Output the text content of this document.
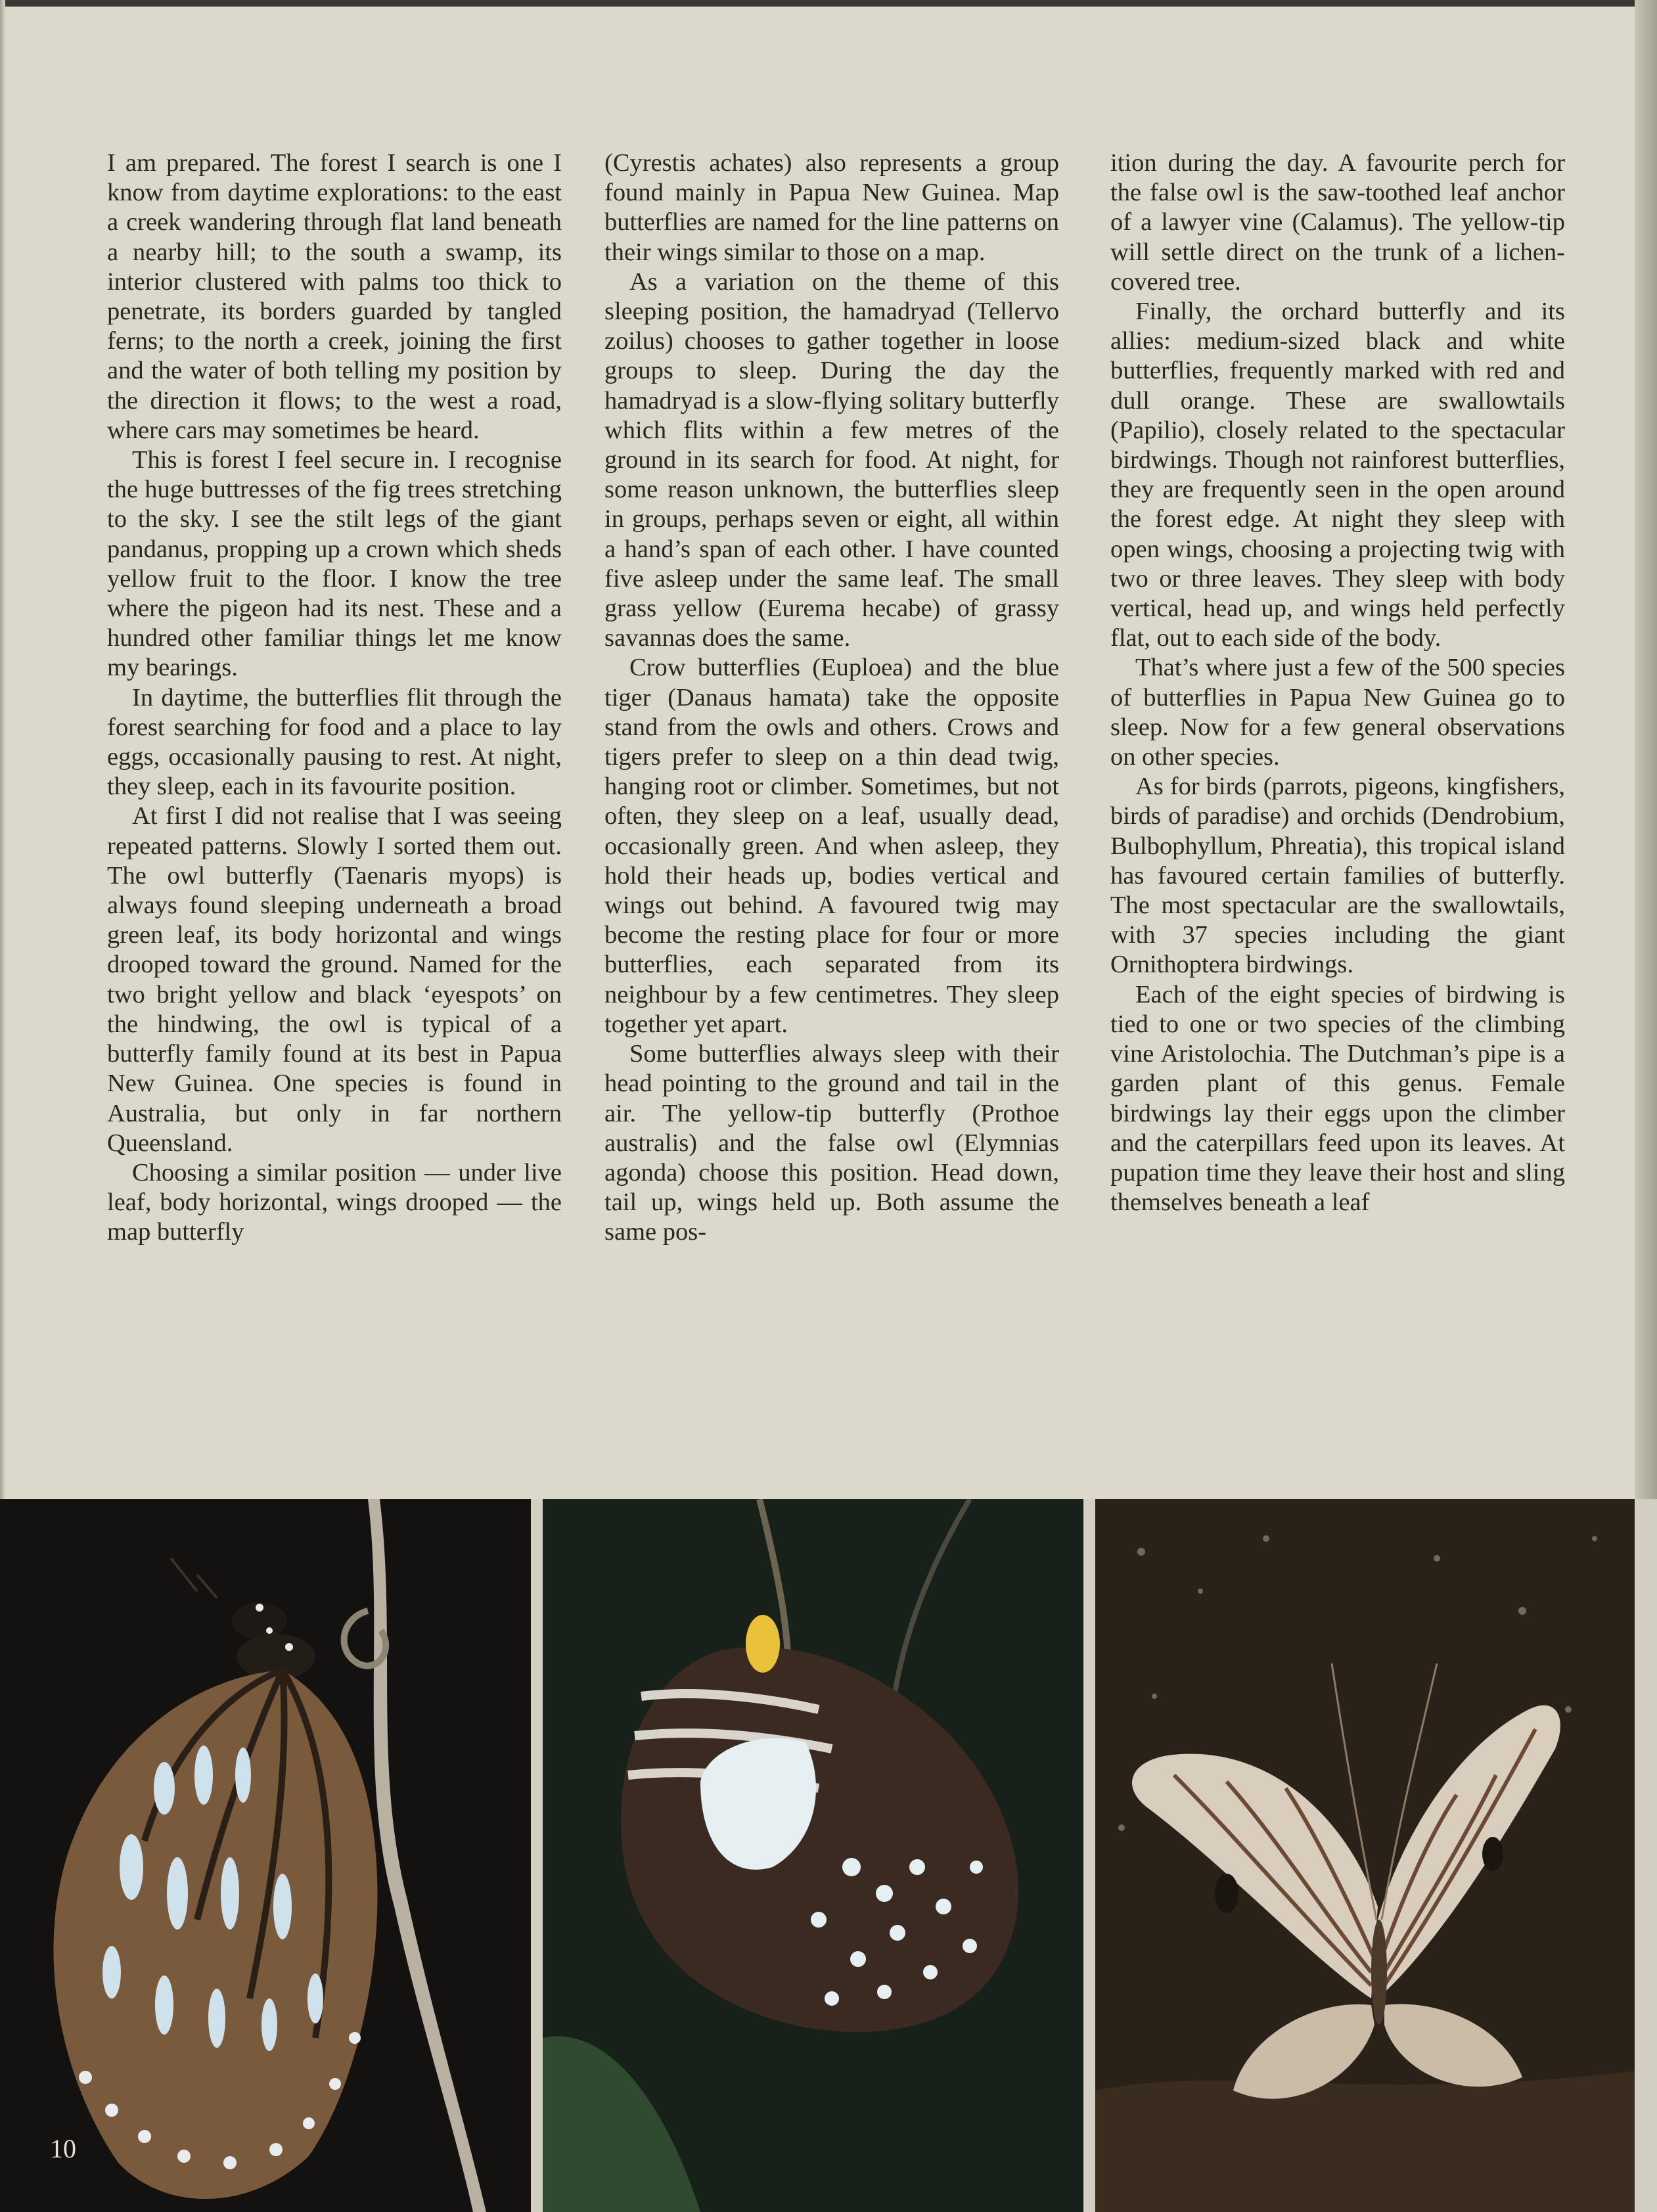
I am prepared. The forest I search is one I know from daytime explorations: to the east a creek wandering through flat land beneath a nearby hill; to the south a swamp, its interior clustered with palms too thick to penetrate, its borders guarded by tangled ferns; to the north a creek, joining the first and the water of both telling my position by the direction it flows; to the west a road, where cars may sometimes be heard.

This is forest I feel secure in. I recognise the huge buttresses of the fig trees stretching to the sky. I see the stilt legs of the giant pandanus, propping up a crown which sheds yellow fruit to the floor. I know the tree where the pigeon had its nest. These and a hundred other familiar things let me know my bearings.

In daytime, the butterflies flit through the forest searching for food and a place to lay eggs, occasionally pausing to rest. At night, they sleep, each in its favourite position.

At first I did not realise that I was seeing repeated patterns. Slowly I sorted them out. The owl butterfly (Taenaris myops) is always found sleeping underneath a broad green leaf, its body horizontal and wings drooped toward the ground. Named for the two bright yellow and black ‘eyespots’ on the hindwing, the owl is typical of a butterfly family found at its best in Papua New Guinea. One species is found in Australia, but only in far northern Queensland.

Choosing a similar position — under live leaf, body horizontal, wings drooped — the map butterfly

(Cyrestis achates) also represents a group found mainly in Papua New Guinea. Map butterflies are named for the line patterns on their wings similar to those on a map.

As a variation on the theme of this sleeping position, the hamadryad (Tellervo zoilus) chooses to gather together in loose groups to sleep. During the day the hamadryad is a slow-flying solitary butterfly which flits within a few metres of the ground in its search for food. At night, for some reason unknown, the butterflies sleep in groups, perhaps seven or eight, all within a hand’s span of each other. I have counted five asleep under the same leaf. The small grass yellow (Eurema hecabe) of grassy savannas does the same.

Crow butterflies (Euploea) and the blue tiger (Danaus hamata) take the opposite stand from the owls and others. Crows and tigers prefer to sleep on a thin dead twig, hanging root or climber. Sometimes, but not often, they sleep on a leaf, usually dead, occasionally green. And when asleep, they hold their heads up, bodies vertical and wings out behind. A favoured twig may become the resting place for four or more butterflies, each separated from its neighbour by a few centimetres. They sleep together yet apart.

Some butterflies always sleep with their head pointing to the ground and tail in the air. The yellow-tip butterfly (Prothoe australis) and the false owl (Elymnias agonda) choose this position. Head down, tail up, wings held up. Both assume the same pos-

ition during the day. A favourite perch for the false owl is the saw-toothed leaf anchor of a lawyer vine (Calamus). The yellow-tip will settle direct on the trunk of a lichen-covered tree.

Finally, the orchard butterfly and its allies: medium-sized black and white butterflies, frequently marked with red and dull orange. These are swallowtails (Papilio), closely related to the spectacular birdwings. Though not rainforest butterflies, they are frequently seen in the open around the forest edge. At night they sleep with open wings, choosing a projecting twig with two or three leaves. They sleep with body vertical, head up, and wings held perfectly flat, out to each side of the body.

That’s where just a few of the 500 species of butterflies in Papua New Guinea go to sleep. Now for a few general observations on other species.

As for birds (parrots, pigeons, kingfishers, birds of paradise) and orchids (Dendrobium, Bulbophyllum, Phreatia), this tropical island has favoured certain families of butterfly. The most spectacular are the swallowtails, with 37 species including the giant Ornithoptera birdwings.

Each of the eight species of birdwing is tied to one or two species of the climbing vine Aristolochia. The Dutchman’s pipe is a garden plant of this genus. Female birdwings lay their eggs upon the climber and the caterpillars feed upon its leaves. At pupation time they leave their host and sling themselves beneath a leaf

10
